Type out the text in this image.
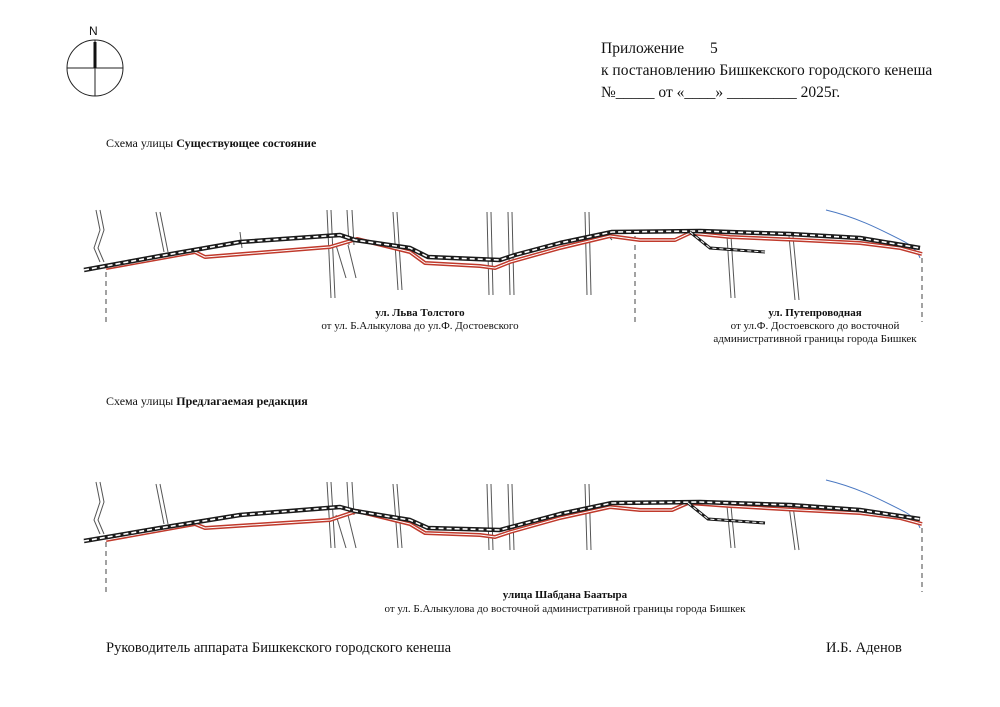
N
Приложение 5
к постановлению Бишкекского городского кенеша
№_____ от «____» _________ 2025г.
Схема улицы Существующее состояние
ул. Льва Толстого
от ул. Б.Алыкулова до ул.Ф. Достоевского
ул. Путепроводная
от ул.Ф. Достоевского до восточной
административной границы города Бишкек
Схема улицы Предлагаемая редакция
улица Шабдана Баатыра
от ул. Б.Алыкулова до восточной административной границы города Бишкек
Руководитель аппарата Бишкекского городского кенеша	И.Б. Аденов
